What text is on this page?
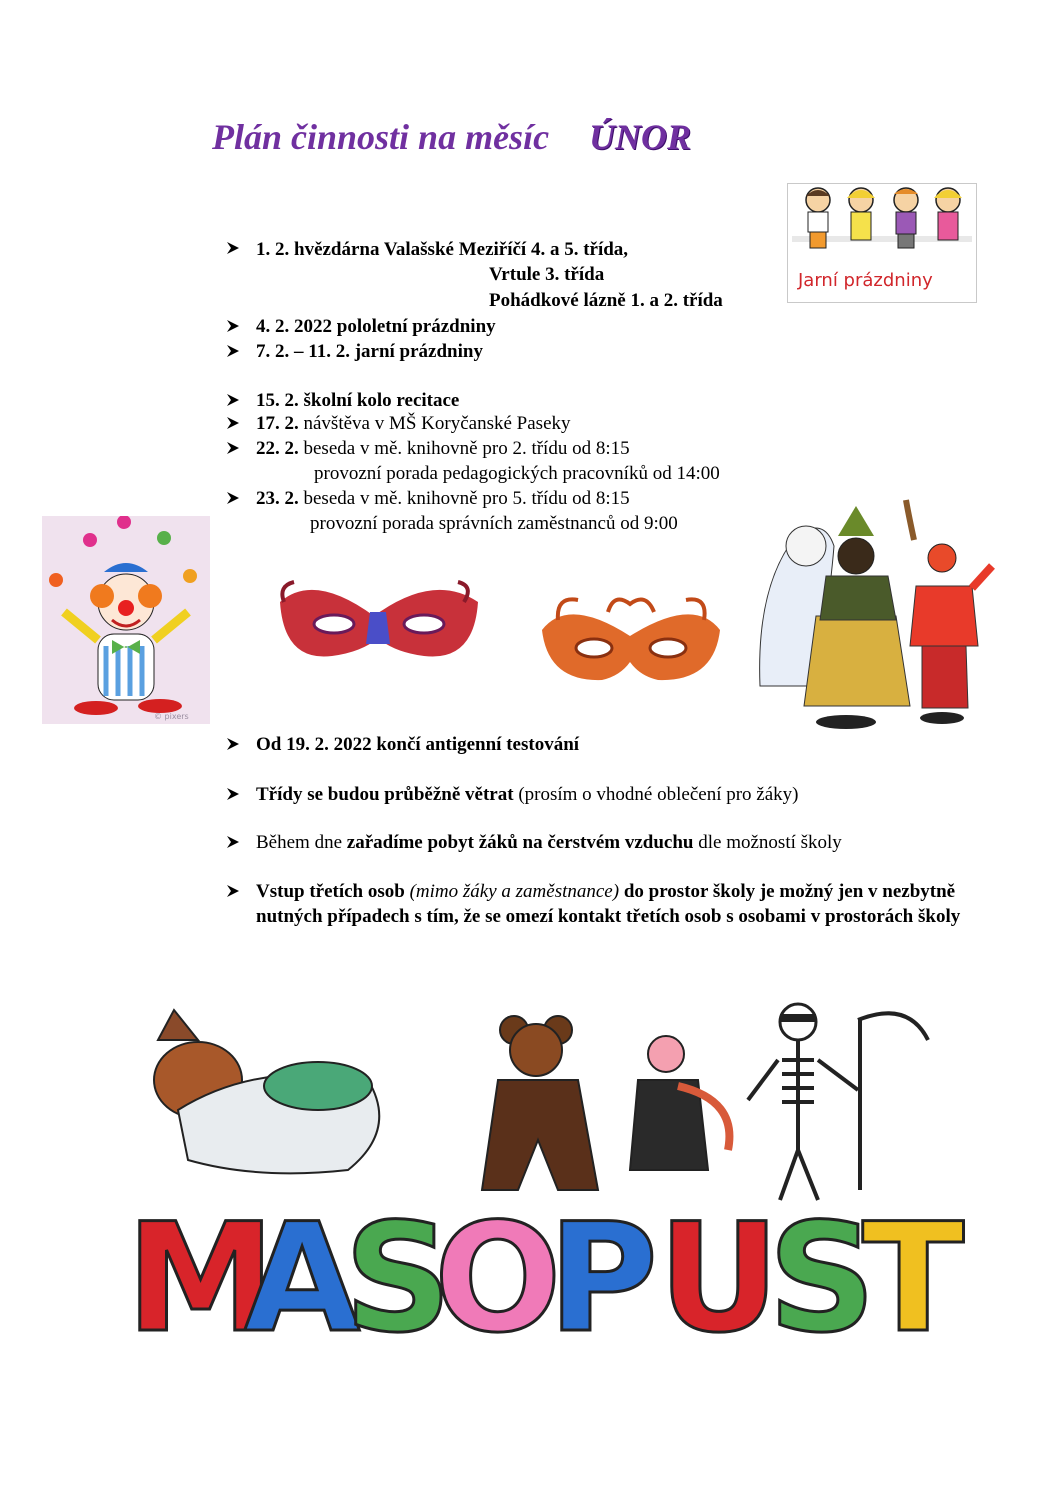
Plán činnosti na měsíc ÚNOR
Jarní prázdniny
1. 2. hvězdárna Valašské Meziříčí 4. a 5. třída,
Vrtule 3. třída
Pohádkové lázně 1. a 2. třída
4. 2. 2022 pololetní prázdniny
7. 2. – 11. 2. jarní prázdniny
15. 2. školní kolo recitace
17. 2. návštěva v MŠ Koryčanské Paseky
22. 2. beseda v mě. knihovně pro 2. třídu od 8:15
provozní porada pedagogických pracovníků od 14:00
23. 2. beseda v mě. knihovně pro 5. třídu od 8:15
provozní porada správních zaměstnanců od 9:00
© pixers
Od 19. 2. 2022 končí antigenní testování
Třídy se budou průběžně větrat (prosím o vhodné oblečení pro žáky)
Během dne zařadíme pobyt žáků na čerstvém vzduchu dle možností školy
Vstup třetích osob (mimo žáky a zaměstnance) do prostor školy je možný jen v nezbytně nutných případech s tím, že se omezí kontakt třetích osob s osobami v prostorách školy
M
A
S
O
P U
S
T
